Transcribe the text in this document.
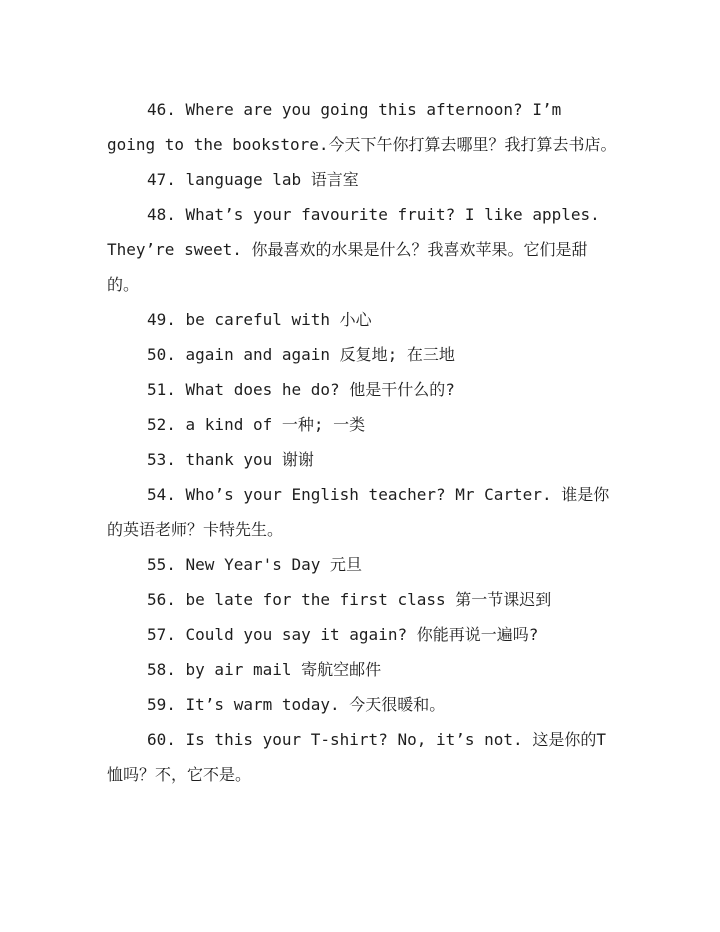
46. Where are you going this afternoon? I’m going to the bookstore.今天下午你打算去哪里？我打算去书店。

47. language lab 语言室

48. What’s your favourite fruit? I like apples. They’re sweet. 你最喜欢的水果是什么？我喜欢苹果。它们是甜的。

49. be careful with 小心

50. again and again 反复地; 在三地

51. What does he do? 他是干什么的?

52. a kind of 一种; 一类

53. thank you 谢谢

54. Who’s your English teacher? Mr Carter. 谁是你的英语老师？卡特先生。

55. New Year's Day 元旦

56. be late for the first class 第一节课迟到

57. Could you say it again? 你能再说一遍吗?

58. by air mail 寄航空邮件

59. It’s warm today. 今天很暖和。

60. Is this your T-shirt? No, it’s not. 这是你的T恤吗？不，它不是。
